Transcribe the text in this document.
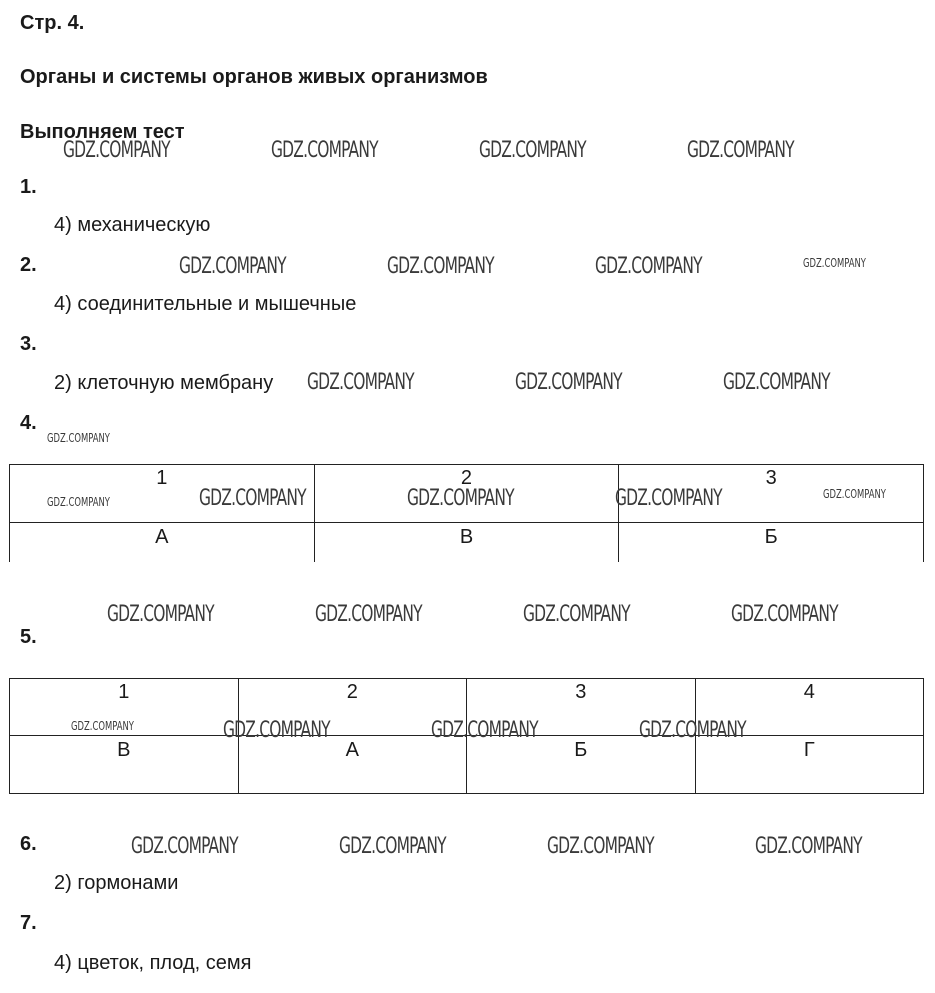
Стр. 4.
Органы и системы органов живых организмов
Выполняем тест
1.
4) механическую
2.
4) соединительные и мышечные
3.
2) клеточную мембрану
4.
1	2	3
А	В	Б
5.
1	2	3	4
В	А	Б	Г
6.
2) гормонами
7.
4) цветок, плод, семя
GDZ.COMPANY	GDZ.COMPANY	GDZ.COMPANY	GDZ.COMPANY
GDZ.COMPANY	GDZ.COMPANY	GDZ.COMPANY	GDZ.COMPANY
GDZ.COMPANY	GDZ.COMPANY	GDZ.COMPANY
GDZ.COMPANY
GDZ.COMPANY	GDZ.COMPANY	GDZ.COMPANY	GDZ.COMPANY	GDZ.COMPANY
GDZ.COMPANY	GDZ.COMPANY	GDZ.COMPANY	GDZ.COMPANY
GDZ.COMPANY	GDZ.COMPANY	GDZ.COMPANY	GDZ.COMPANY
GDZ.COMPANY	GDZ.COMPANY	GDZ.COMPANY	GDZ.COMPANY
